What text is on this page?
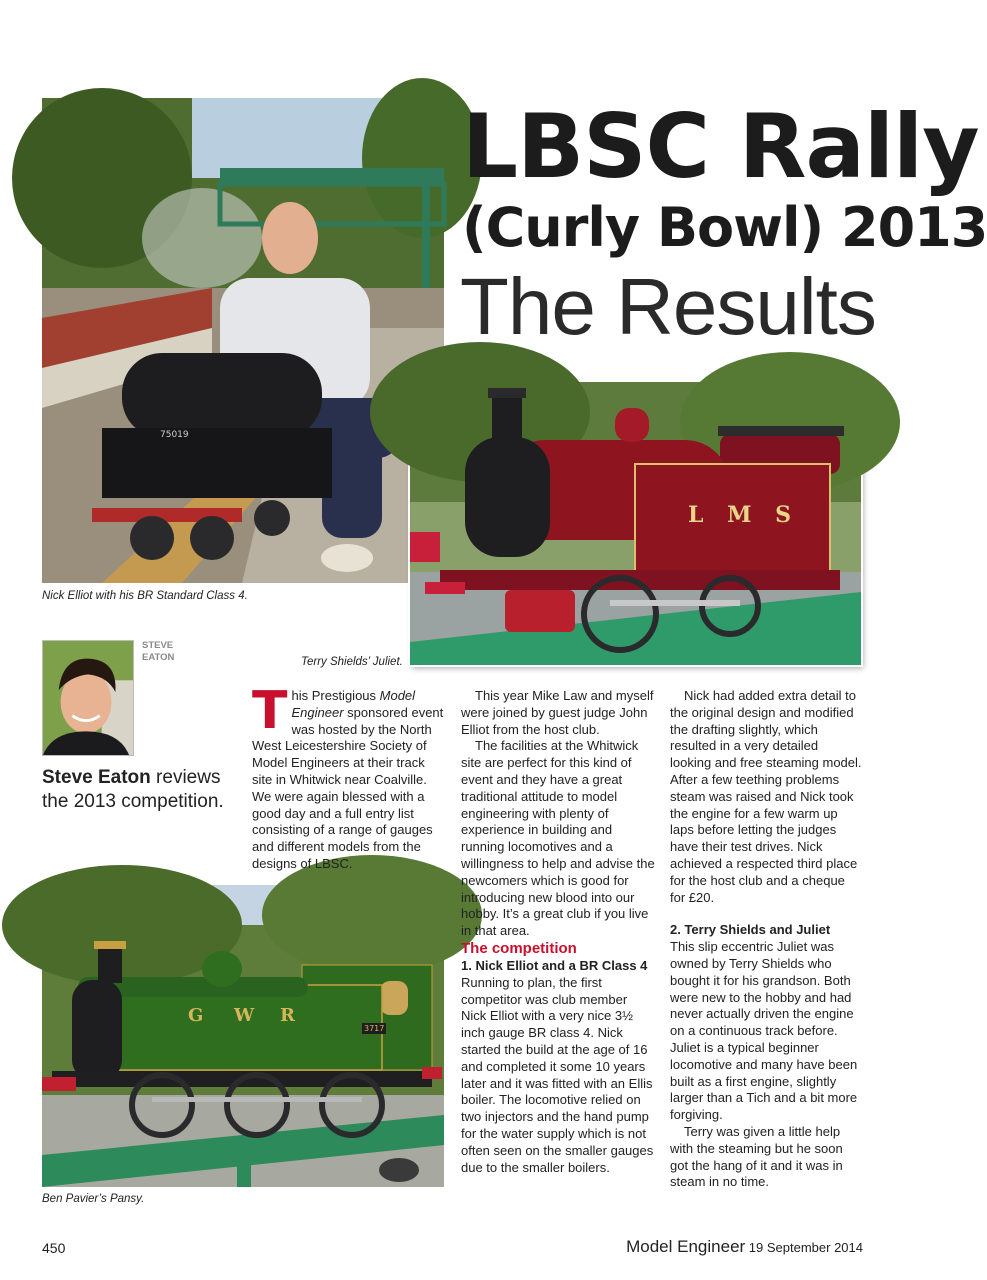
75019
LBSC Rally
(Curly Bowl) 2013
The Results
L M S
Nick Elliot with his BR Standard Class 4.
Terry Shields’ Juliet.
STEVE
EATON
Steve Eaton reviews the 2013 competition.
G W R
3717
Ben Pavier’s Pansy.

This Prestigious Model Engineer sponsored event was hosted by the North West Leicestershire Society of Model Engineers at their track site in Whitwick near Coalville. We were again blessed with a good day and a full entry list consisting of a range of gauges and different models from the designs of LBSC.

This year Mike Law and myself were joined by guest judge John Elliot from the host club.

The facilities at the Whitwick site are perfect for this kind of event and they have a great traditional attitude to model engineering with plenty of experience in building and running locomotives and a willingness to help and advise the newcomers which is good for introducing new blood into our hobby. It’s a great club if you live in that area.

The competition

1. Nick Elliot and a BR Class 4

Running to plan, the first competitor was club member Nick Elliot with a very nice 3½ inch gauge BR class 4. Nick started the build at the age of 16 and completed it some 10 years later and it was fitted with an Ellis boiler. The locomotive relied on two injectors and the hand pump for the water supply which is not often seen on the smaller gauges due to the smaller boilers.

Nick had added extra detail to the original design and modified the drafting slightly, which resulted in a very detailed looking and free steaming model. After a few teething problems steam was raised and Nick took the engine for a few warm up laps before letting the judges have their test drives. Nick achieved a respected third place for the host club and a cheque for £20.

2. Terry Shields and Juliet

This slip eccentric Juliet was owned by Terry Shields who bought it for his grandson. Both were new to the hobby and had never actually driven the engine on a continuous track before. Juliet is a typical beginner locomotive and many have been built as a first engine, slightly larger than a Tich and a bit more forgiving.

Terry was given a little help with the steaming but he soon got the hang of it and it was in steam in no time.

450	Model Engineer 19 September 2014
